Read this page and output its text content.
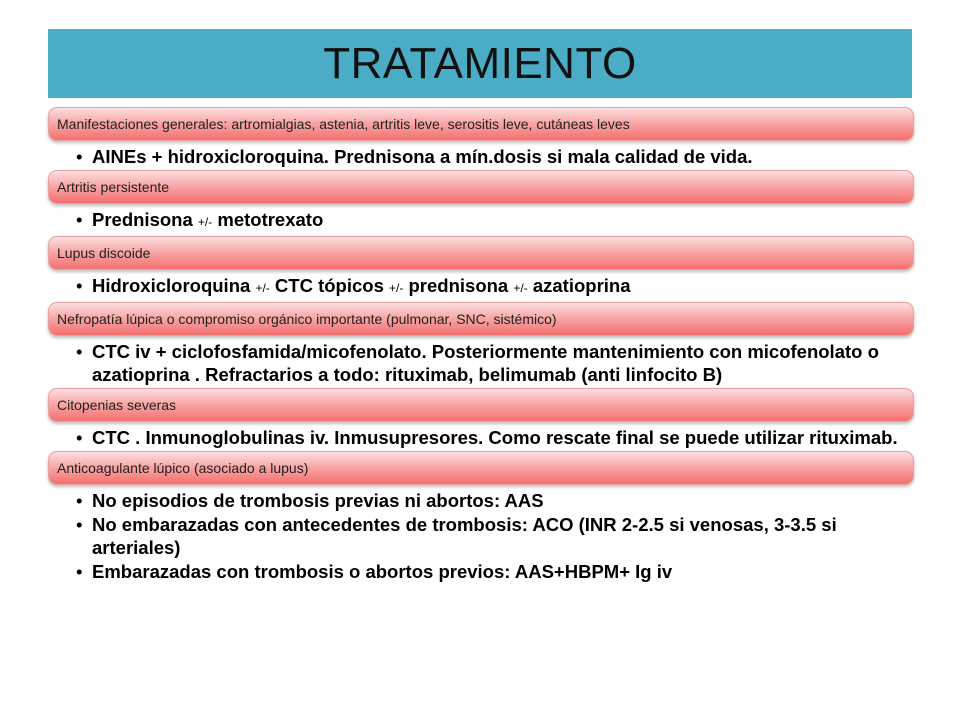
TRATAMIENTO
Manifestaciones generales: artromialgias, astenia, artritis leve, serositis leve, cutáneas leves
• AINEs + hidroxicloroquina. Prednisona a mín.dosis si mala calidad de vida.
Artritis persistente
• Prednisona +/- metotrexato
Lupus discoide
• Hidroxicloroquina +/- CTC tópicos +/- prednisona +/- azatioprina
Nefropatía lúpica o compromiso orgánico importante (pulmonar, SNC, sistémico)
• CTC iv + ciclofosfamida/micofenolato. Posteriormente mantenimiento con micofenolato o azatioprina . Refractarios a todo: rituximab, belimumab (anti linfocito B)
Citopenias severas
• CTC . Inmunoglobulinas iv. Inmusupresores. Como rescate final se puede utilizar rituximab.
Anticoagulante lúpico (asociado a lupus)
• No episodios de trombosis previas ni abortos: AAS
• No embarazadas con antecedentes de trombosis: ACO (INR 2-2.5 si venosas, 3-3.5 si arteriales)
• Embarazadas con trombosis o abortos previos: AAS+HBPM+ Ig iv
